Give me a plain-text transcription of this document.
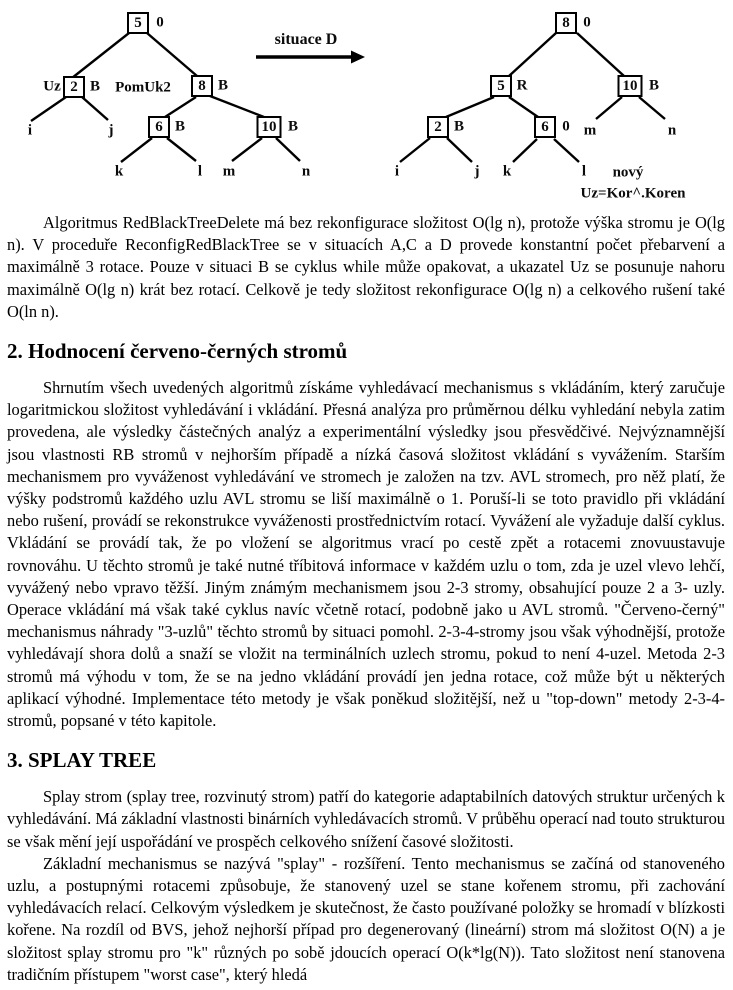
5 0
2 B
Uz	8 B
6 B	10 B
i	j
k	l m	n
PomUk2
8 0
5 R	10 B
2 B	6 0
i	j k	l
m	n
nový
Uz=Kor^.Koren
situace D

Algoritmus RedBlackTreeDelete má bez rekonfigurace složitost O(lg n), protože výška stromu je O(lg n). V proceduře ReconfigRedBlackTree se v situacích A,C a D provede konstantní počet přebarvení a maximálně 3 rotace. Pouze v situaci B se cyklus while může opakovat, a ukazatel Uz se posunuje nahoru maximálně O(lg n) krát bez rotací. Celkově je tedy složitost rekonfigurace O(lg n) a celkového rušení také O(ln n).

2. Hodnocení červeno-černých stromů

Shrnutím všech uvedených algoritmů získáme vyhledávací mechanismus s vkládáním, který zaručuje logaritmickou složitost vyhledávání i vkládání. Přesná analýza pro průměrnou délku vyhledání nebyla zatim provedena, ale výsledky částečných analýz a experimentální výsledky jsou přesvědčivé. Nejvýznamnější jsou vlastnosti RB stromů v nejhorším případě a nízká časová složitost vkládání s vyvážením. Starším mechanismem pro vyváženost vyhledávání ve stromech je založen na tzv. AVL stromech, pro něž platí, že výšky podstromů každého uzlu AVL stromu se liší maximálně o 1. Poruší-li se toto pravidlo při vkládání nebo rušení, provádí se rekonstrukce vyváženosti prostřednictvím rotací. Vyvážení ale vyžaduje další cyklus. Vkládání se provádí tak, že po vložení se algoritmus vrací po cestě zpět a rotacemi znovuustavuje rovnováhu. U těchto stromů je také nutné tříbitová informace v každém uzlu o tom, zda je uzel vlevo lehčí, vyvážený nebo vpravo těžší. Jiným známým mechanismem jsou 2-3 stromy, obsahující pouze 2 a 3- uzly. Operace vkládání má však také cyklus navíc včetně rotací, podobně jako u AVL stromů. "Červeno-černý" mechanismus náhrady "3-uzlů" těchto stromů by situaci pomohl. 2-3-4-stromy jsou však výhodnější, protože vyhledávají shora dolů a snaží se vložit na terminálních uzlech stromu, pokud to není 4-uzel. Metoda 2-3 stromů má výhodu v tom, že se na jedno vkládání provádí jen jedna rotace, což může být u některých aplikací výhodné. Implementace této metody je však poněkud složitější, než u "top-down" metody 2-3-4-stromů, popsané v této kapitole.

3. SPLAY TREE

Splay strom (splay tree, rozvinutý strom) patří do kategorie adaptabilních datových struktur určených k vyhledávání. Má základní vlastnosti binárních vyhledávacích stromů. V průběhu operací nad touto strukturou se však mění její uspořádání ve prospěch celkového snížení časové složitosti.

Základní mechanismus se nazývá "splay" - rozšíření. Tento mechanismus se začíná od stanoveného uzlu, a postupnými rotacemi způsobuje, že stanovený uzel se stane kořenem stromu, při zachování vyhledávacích relací. Celkovým výsledkem je skutečnost, že často používané položky se hromadí v blízkosti kořene. Na rozdíl od BVS, jehož nejhorší případ pro degenerovaný (lineární) strom má složitost O(N) a je složitost splay stromu pro "k" různých po sobě jdoucích operací O(k*lg(N)). Tato složitost není stanovena tradičním přístupem "worst case", který hledá
